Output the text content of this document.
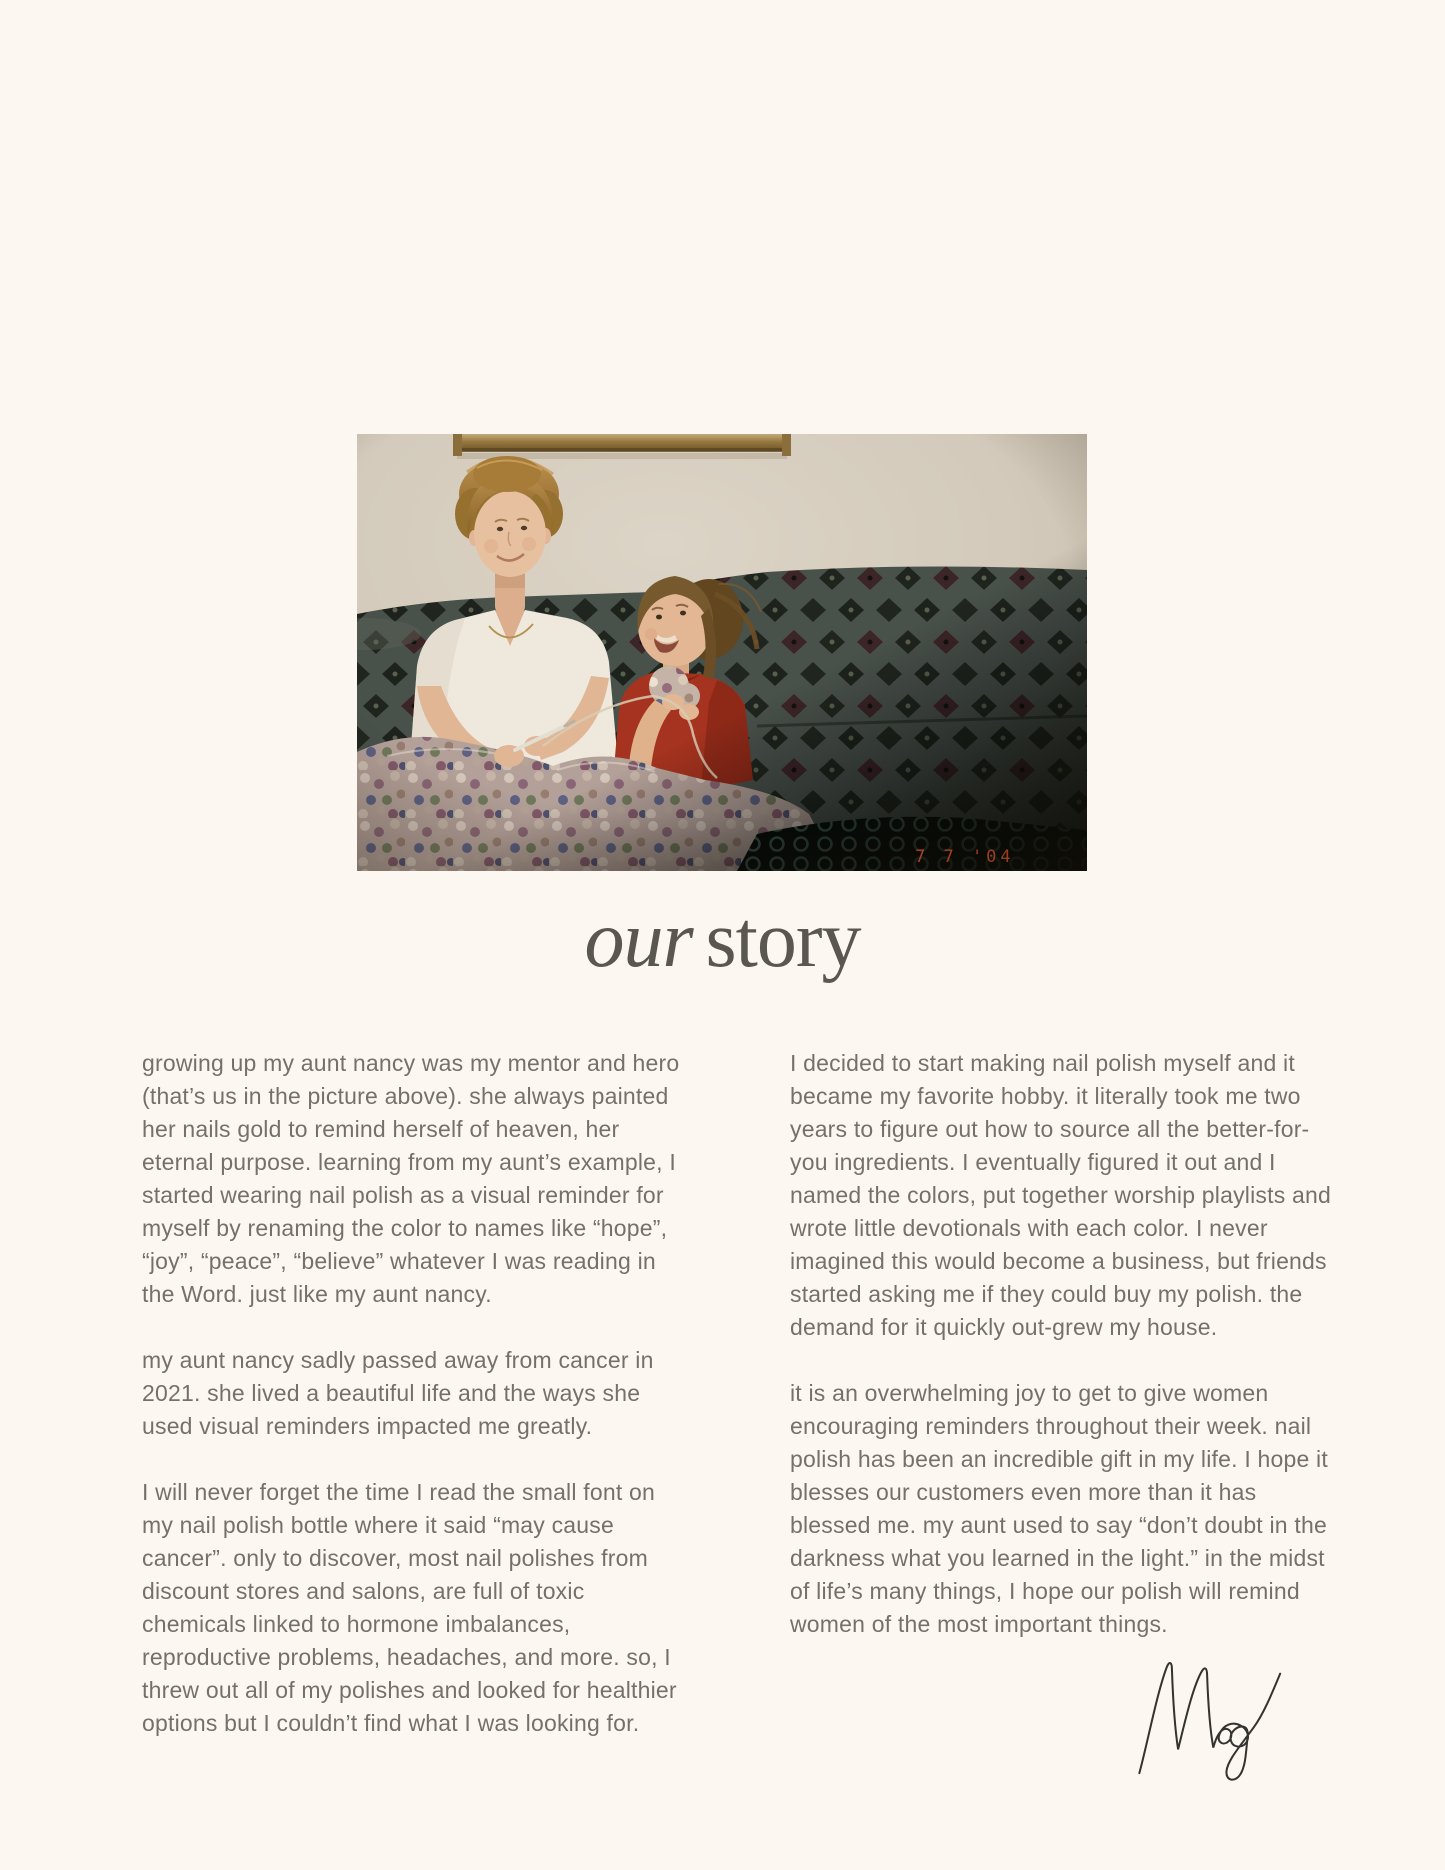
our story

growing up my aunt nancy was my mentor and hero (that’s us in the picture above). she always painted her nails gold to remind herself of heaven, her eternal purpose. learning from my aunt’s example, I started wearing nail polish as a visual reminder for myself by renaming the color to names like “hope”, “joy”, “peace”, “believe” whatever I was reading in the Word. just like my aunt nancy.

my aunt nancy sadly passed away from cancer in 2021. she lived a beautiful life and the ways she used visual reminders impacted me greatly.

I will never forget the time I read the small font on my nail polish bottle where it said “may cause cancer”. only to discover, most nail polishes from discount stores and salons, are full of toxic chemicals linked to hormone imbalances, reproductive problems, headaches, and more. so, I threw out all of my polishes and looked for healthier options but I couldn’t find what I was looking for.

I decided to start making nail polish myself and it became my favorite hobby. it literally took me two years to figure out how to source all the better-for-you ingredients. I eventually figured it out and I named the colors, put together worship playlists and wrote little devotionals with each color. I never imagined this would become a business, but friends started asking me if they could buy my polish. the demand for it quickly out-grew my house.

it is an overwhelming joy to get to give women encouraging reminders throughout their week. nail polish has been an incredible gift in my life. I hope it blesses our customers even more than it has blessed me. my aunt used to say “don’t doubt in the darkness what you learned in the light.” in the midst of life’s many things, I hope our polish will remind women of the most important things.
